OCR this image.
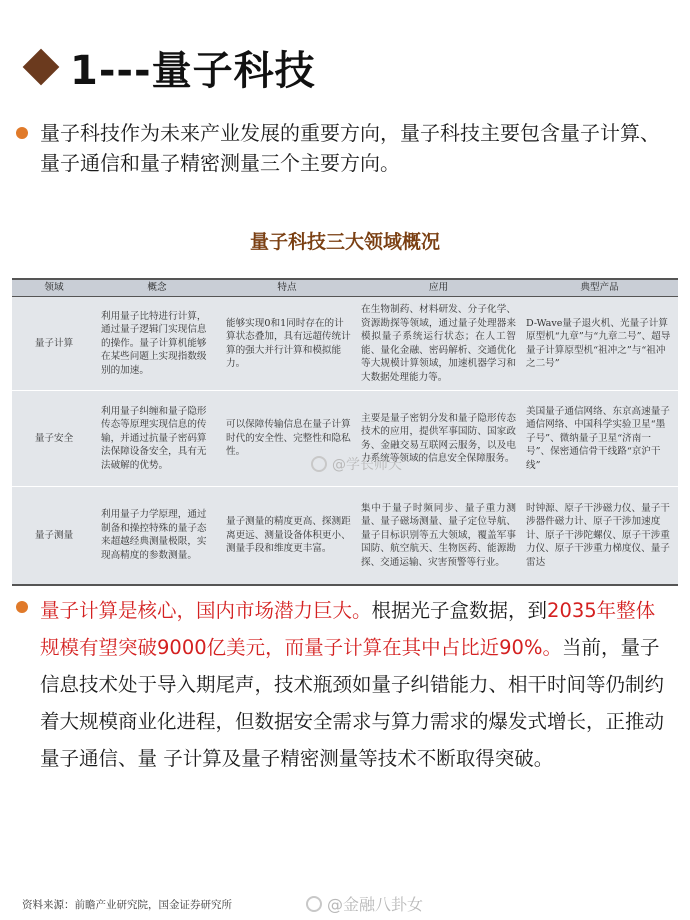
1---量子科技

量子科技作为未来产业发展的重要方向，量子科技主要包含量子计算、量子通信和量子精密测量三个主要方向。

量子科技三大领域概况
领域	概念	特点	应用	典型产品
量子计算	利用量子比特进行计算，通过量子逻辑门实现信息的操作。量子计算机能够在某些问题上实现指数级别的加速。	能够实现0和1同时存在的计算状态叠加，具有远超传统计算的强大并行计算和模拟能力。	在生物制药、材料研发、分子化学、资源勘探等领域，通过量子处理器来模拟量子系统运行状态；在人工智能、量化金融、密码解析、交通优化等大规模计算领域，加速机器学习和大数据处理能力等。	D-Wave量子退火机、光量子计算原型机“九章”与“九章二号”、超导量子计算原型机“祖冲之”与“祖冲之二号”
量子安全	利用量子纠缠和量子隐形传态等原理实现信息的传输，并通过抗量子密码算法保障设备安全，具有无法破解的优势。	可以保障传输信息在量子计算时代的安全性、完整性和隐私性。	主要是量子密钥分发和量子隐形传态技术的应用，提供军事国防、国家政务、金融交易互联网云服务，以及电力系统等领域的信息安全保障服务。	美国量子通信网络、东京高速量子通信网络、中国科学实验卫星“墨子号”、微纳量子卫星“济南一号”、保密通信骨干线路“京沪干线”
量子测量	利用量子力学原理，通过制备和操控特殊的量子态来超越经典测量极限，实现高精度的参数测量。	量子测量的精度更高、探测距离更远、测量设备体积更小、测量手段和维度更丰富。	集中于量子时频同步、量子重力测量、量子磁场测量、量子定位导航、量子目标识别等五大领域，覆盖军事国防、航空航天、生物医药、能源勘探、交通运输、灾害预警等行业。	时钟源、原子干涉磁力仪、量子干涉器件磁力计、原子干涉加速度计、原子干涉陀螺仪、原子干涉重力仪、原子干涉重力梯度仪、量子雷达
@学长师天

量子计算是核心，国内市场潜力巨大。根据光子盒数据，到2035年整体规模有望突破9000亿美元，而量子计算在其中占比近90%。当前，量子信息技术处于导入期尾声，技术瓶颈如量子纠错能力、相干时间等仍制约着大规模商业化进程，但数据安全需求与算力需求的爆发式增长，正推动量子通信、量 子计算及量子精密测量等技术不断取得突破。

资料来源：前瞻产业研究院，国金证券研究所	@金融八卦女
